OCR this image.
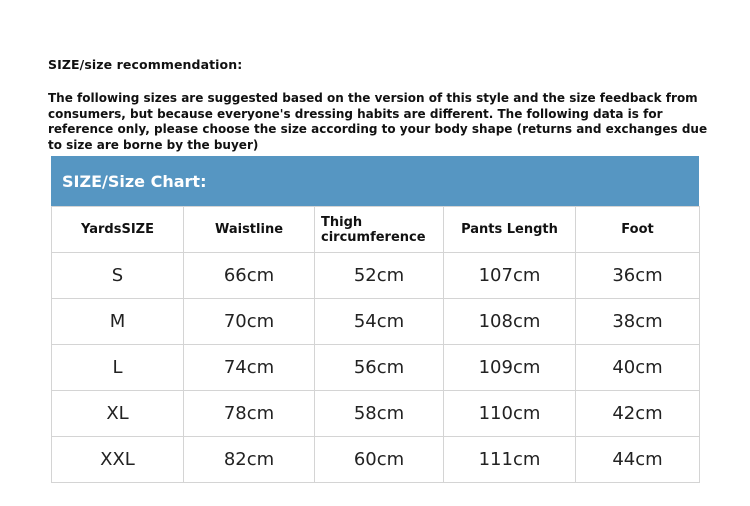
SIZE/size recommendation:
The following sizes are suggested based on the version of this style and the size feedback from consumers, but because everyone's dressing habits are different. The following data is for reference only, please choose the size according to your body shape (returns and exchanges due to size are borne by the buyer)
SIZE/Size Chart:
YardsSIZE	Waistline	Thigh circumference	Pants Length	Foot
S	66cm	52cm	107cm	36cm
M	70cm	54cm	108cm	38cm
L	74cm	56cm	109cm	40cm
XL	78cm	58cm	110cm	42cm
XXL	82cm	60cm	111cm	44cm
